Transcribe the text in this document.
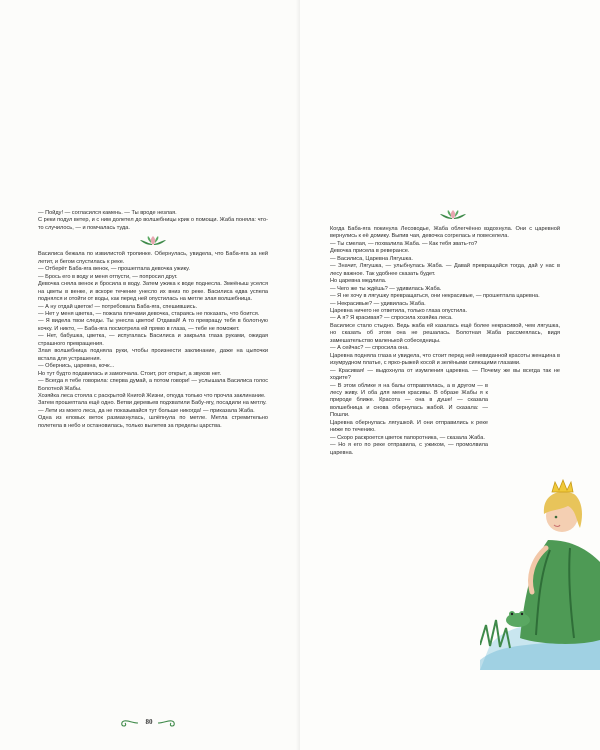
— Пойду! — согласился камень. — Ты вроде незлая.

С реки подул ветер, и с ним долетел до волшебницы крик о помощи. Жаба поняла: что- то случилось, — и помчалась туда.

Василиса бежала по извилистой тропинке. Обернулась, увидела, что Баба-яга за ней летит, и бегом спустилась к реке.

— Отберёт Баба-яга венок, — прошептала девочка ужику.

— Брось его в воду и меня отпусти, — попросил друг.

Девочка сняла венок и бросила в воду. Затем ужика к воде поднесла. Змеёныш уселся на цветы в венке, и вскоре течение унесло их вниз по реке. Василиса едва успела поднялся и отойти от воды, как перед ней опустилась на метле злая волшебница.

— А ну отдай цветок! — потребовала Баба-яга, спешившись.

— Нет у меня цветка, — пожала плечами девочка, стараясь не показать, что боится.

— Я видела твои следы. Ты унесла цветок! Отдавай! А то превращу тебя в болотную кочку. И никто, — Баба-яга посмотрела ей прямо в глаза, — тебе не поможет.

— Нет, бабушка, цветка, — испугалась Василиса и закрыла глаза руками, ожидая страшного превращения.

Злая волшебница подняла руки, чтобы произнести заклинание, даже на цыпочки встала для устрашения.

— Обернись, царевна, кочк...

Но тут будто подавилась и замолчала. Стоит, рот открыт, а звуков нет.

— Всегда я тебе говорила: сперва думай, а потом говори! — услышала Василиса голос Болотной Жабы.

Хозяйка леса стояла с раскрытой Книгой Жизни, откуда только что прочла заклинание.

Затем прошептала ещё одно. Ветви деревьев подхватили Бабу-ягу, посадили на метлу.

— Лети из моего леса, да не показывайся тут больше никогда! — приказала Жаба.

Одна из еловых веток размахнулась, шлёпнула по метле. Метла стремительно полетела в небо и остановилась, только вылетев за пределы царства.

80

Когда Баба-яга покинула Лесоводье, Жаба облегчённо вздохнула. Они с царевной вернулись к её домику. Выпив чая, девочка согрелась и повеселела.

— Ты смелая, — похвалила Жаба. — Как тебя звать-то?

Девочка присела в реверансе.

— Василиса, Царевна Лягушка.

— Значит, Лягушка, — улыбнулась Жаба. — Давай превращайся тогда, дай у нас в лесу важное. Так удобнее сказать будет.

Но царевна медлила.

— Чего же ты ждёшь? — удивилась Жаба.

— Я не хочу в лягушку превращаться, они некрасивые, — прошептала царевна.

— Некрасивые? — удивилась Жаба.

Царевна ничего не ответила, только глаза опустила.

— А я? Я красивая? — спросила хозяйка леса.

Василисе стало стыдно. Ведь жаба ей казалась ещё более некрасивой, чем лягушка, но сказать об этом она не решалась. Болотная Жаба рассмеялась, видя замешательство маленькой собеседницы.

— А сейчас? — спросила она.

Царевна подняла глаза и увидела, что стоит перед ней невиданной красоты женщина в изумрудном платье, с ярко-рыжей косой и зелёными сияющими глазами.

— Красивая! — выдохнула от изумления царевна. — Почему же вы всегда так не ходите?

— В этом облике я на балы отправлялась, а в другом — в лесу живу. И оба для меня красивы. В образе Жабы я к природе ближе. Красота — она в душе! — сказала волшебница и снова обернулась жабой. И сказала: — Пошли.

Царевна обернулась лягушкой. И они отправились к реке ниже по течению.

— Скоро раскроется цветок папоротника, — сказала Жаба.

— Но я его по реке отправила, с ужиком, — промолвила царевна.
